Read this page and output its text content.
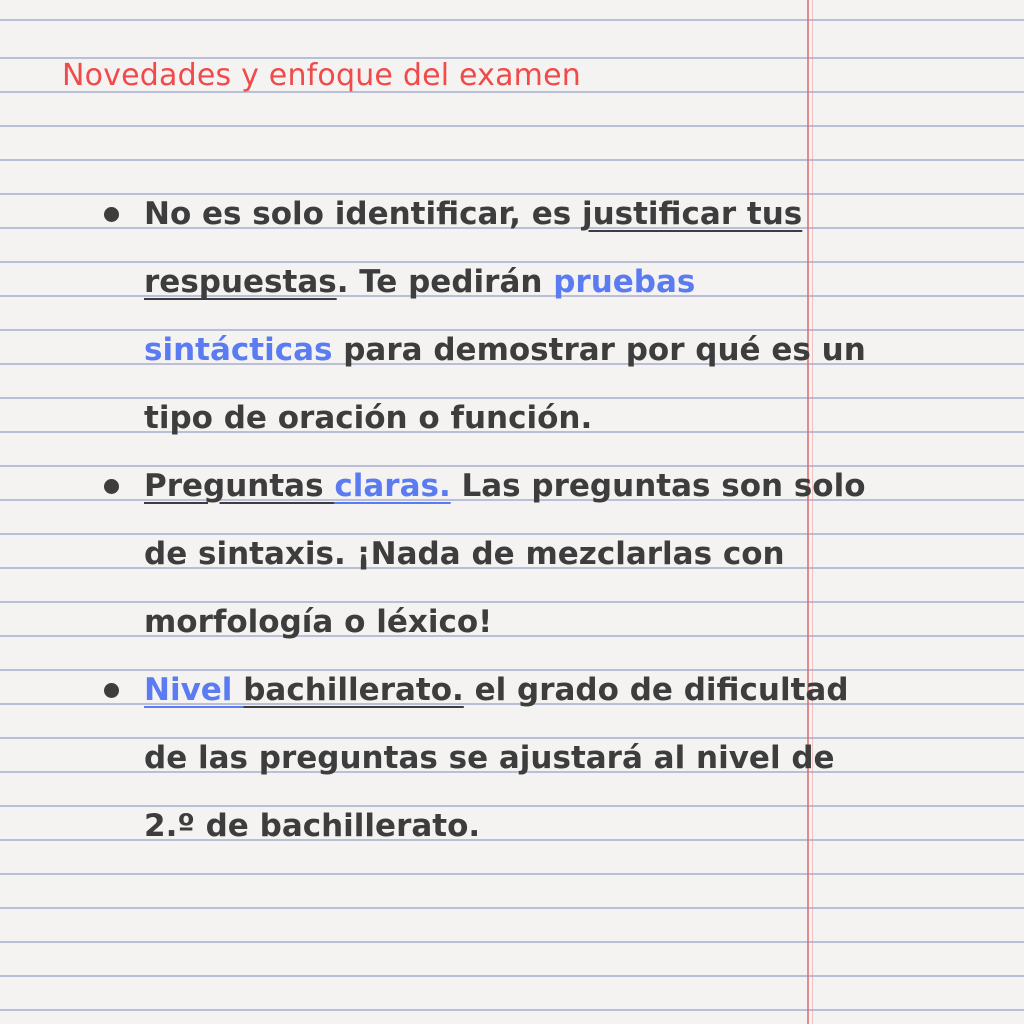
Novedades y enfoque del examen
No es solo identificar, es justificar tus respuestas. Te pedirán pruebas sintácticas para demostrar por qué es un tipo de oración o función.
Preguntas claras. Las preguntas son solo de sintaxis. ¡Nada de mezclarlas con morfología o léxico!
Nivel bachillerato. el grado de dificultad de las preguntas se ajustará al nivel de 2.º de bachillerato.
